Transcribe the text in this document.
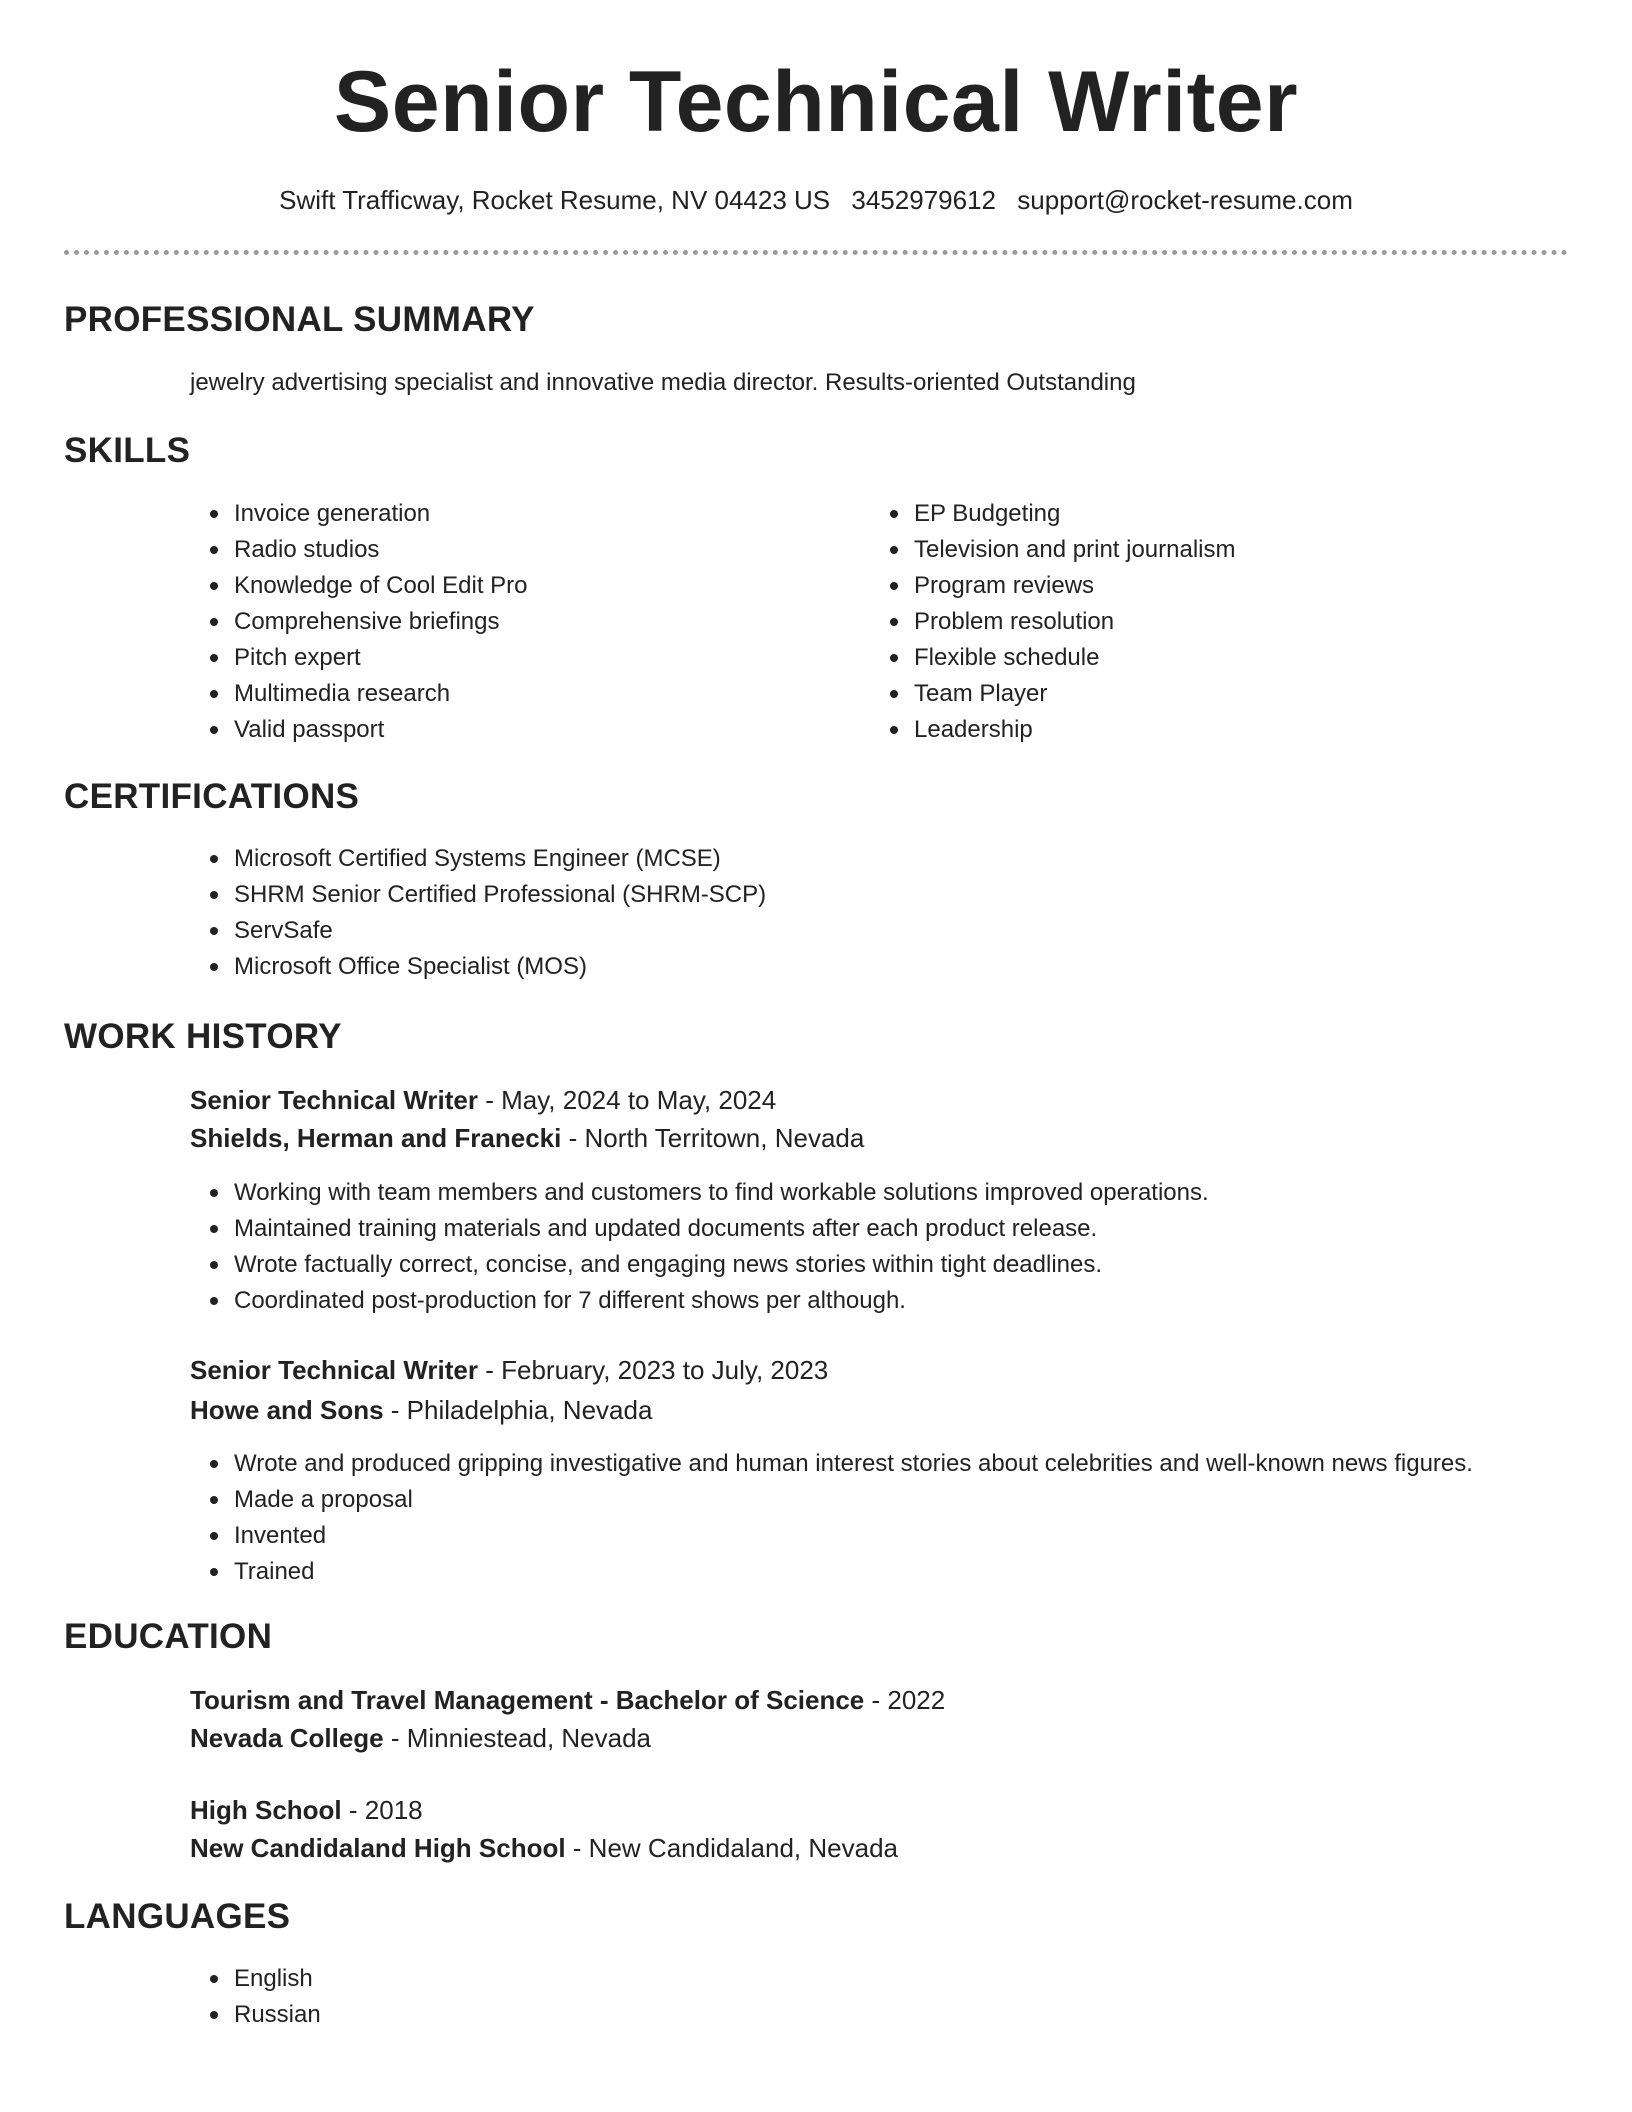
Senior Technical Writer
Swift Trafficway, Rocket Resume, NV 04423 US 3452979612 support@rocket-resume.com
PROFESSIONAL SUMMARY
jewelry advertising specialist and innovative media director. Results-oriented Outstanding
SKILLS
Invoice generation
Radio studios
Knowledge of Cool Edit Pro
Comprehensive briefings
Pitch expert
Multimedia research
Valid passport
EP Budgeting
Television and print journalism
Program reviews
Problem resolution
Flexible schedule
Team Player
Leadership
CERTIFICATIONS
Microsoft Certified Systems Engineer (MCSE)
SHRM Senior Certified Professional (SHRM-SCP)
ServSafe
Microsoft Office Specialist (MOS)
WORK HISTORY
Senior Technical Writer - May, 2024 to May, 2024
Shields, Herman and Franecki - North Territown, Nevada
Working with team members and customers to find workable solutions improved operations.
Maintained training materials and updated documents after each product release.
Wrote factually correct, concise, and engaging news stories within tight deadlines.
Coordinated post-production for 7 different shows per although.
Senior Technical Writer - February, 2023 to July, 2023
Howe and Sons - Philadelphia, Nevada
Wrote and produced gripping investigative and human interest stories about celebrities and well-known news figures.
Made a proposal
Invented
Trained
EDUCATION
Tourism and Travel Management - Bachelor of Science - 2022
Nevada College - Minniestead, Nevada
High School - 2018
New Candidaland High School - New Candidaland, Nevada
LANGUAGES
English
Russian
